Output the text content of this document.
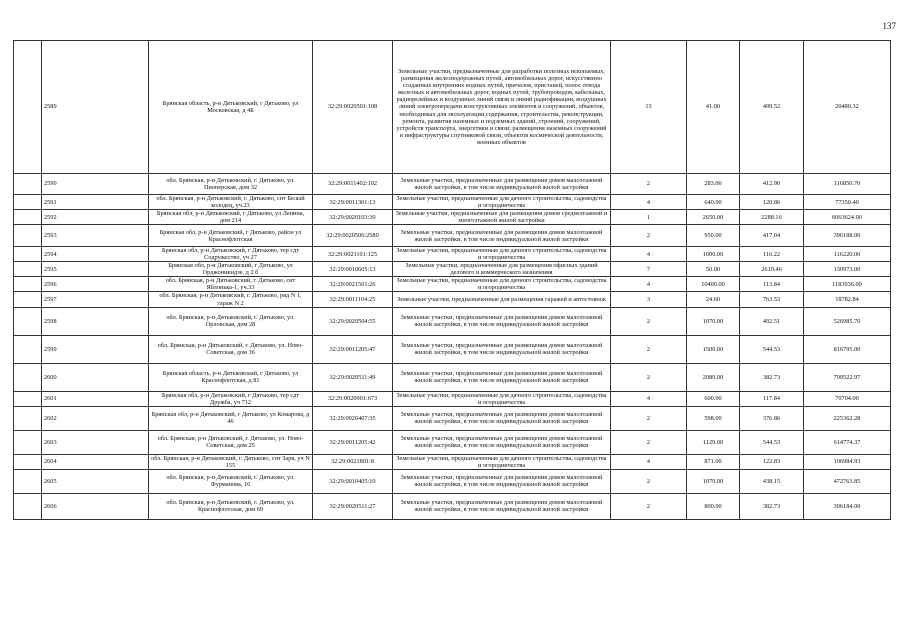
137
	2589	Брянская область, р-н Дятьковский, г Дятьково, ул Московская, д 4Б	32:29:0020501:108	Земельные участки, предназначенные для разработки полезных ископаемых, размещения железнодорожных путей, автомобильных дорог, искусственно созданных внутренних водных путей, причалов, пристаней, полос отвода железных и автомобильных дорог, водных путей, трубопроводов, кабельных, радиорелейных и воздушных линий связи и линий радиофикации, воздушных линий электропередачи конструктивных элементов и сооружений, объектов, необходимых для эксплуатации,содержания, строительства, реконструкции, ремонта, развития наземных и подземных зданий, строений, сооружений, устройств транспорта, энергетики и связи; размещения наземных сооружений и инфраструктуры спутниковой связи, объектов космической деятельности, военных объектов	13	41.00	499.52	20480.32
	2590	обл. Брянская, р-н Дятьковский, г. Дятьково, ул. Пионерская, дом 32	32:29:0011402:102	Земельные участки, предназначенные для размещения домов малоэтажной жилой застройки, в том числе индивидуальной жилой застройки	2	283.00	412.90	116850.70
	2591	обл. Брянская, р-н Дятьковский, г. Дятьково, снт Белый колодец, уч.23	32:29:0011301:13	Земельные участки, предназначенные для дачного строительства, садоводства и огородничества	4	640.00	120.86	77350.40
	2592	Брянская обл, р-н Дятьковский, г Дятьково, ул Ленина, дом 214	32:29:0020103:30	Земельные участки, предназначенные для размещения домов среднеэтажной и многоэтажной жилой застройки	1	2650.00	2288.16	6063624.00
	2593	Брянская обл, р-н Дятьковский, г Дятьково, район ул Краснофлотская	32:29:0020506:2580	Земельные участки, предназначенные для размещения домов малоэтажной жилой застройки, в том числе индивидуальной жилой застройки	2	950.00	417.04	396188.00
	2594	Брянская обл, р-н Дятьковский, г Дятьково, тер сдт Содружество, уч 27	32:29:0021101:125	Земельные участки, предназначенные для дачного строительства, садоводства и огородничества	4	1000.00	116.22	116220.00
	2595	Брянская обл, р-н Дятьковский, г Дятьково, ул Орджоникидзе, д 2 б	32:29:0010605:13	Земельные участки, предназначенные для размещения офисных зданий делового и коммерческого назначения	7	50.00	2619.46	130973.00
	2596	обл. Брянская, р-н Дятьковский, г. Дятьково, снт Яблонька-1, уч.33	32:29:0021501:26	Земельные участки, предназначенные для дачного строительства, садоводства и огородничества	4	10400.00	113.84	1183936.00
	2597	обл. Брянская, р-н Дятьковский, г. Дятьково, ряд N 1, гараж N 2	32:29:0011104:25	Земельные участки, предназначенные для размещения гаражей и автостоянок	3	24.60	763.53	18782.84
	2598	обл. Брянская, р-н Дятьковский, г. Дятьково, ул. Орловская, дом 28	32:29:0020504:55	Земельные участки, предназначенные для размещения домов малоэтажной жилой застройки, в том числе индивидуальной жилой застройки	2	1070.00	492.51	526985.70
	2599	обл. Брянская, р-н Дятьковский, г. Дятьково, ул. Ново-Советская, дом 36	32:29:0011205:47	Земельные участки, предназначенные для размещения домов малоэтажной жилой застройки, в том числе индивидуальной жилой застройки	2	1500.00	544.53	816795.00
	2600	Брянская область, р-н Дятьковский, г Дятьково, ул Краснофлотская, д 81	32:29:0020511:49	Земельные участки, предназначенные для размещения домов малоэтажной жилой застройки, в том числе индивидуальной жилой застройки	2	2089.00	382.73	799522.97
	2601	Брянская обл, р-н Дятьковский, г Дятьково, тер сдт Дружба, уч 712	32:29:0020901:673	Земельные участки, предназначенные для дачного строительства, садоводства и огородничества	4	600.00	117.84	70704.00
	2602	Брянская обл, р-н Дятьковский, г Дятьково, ул Комарова, д 46	32:29:0020407:35	Земельные участки, предназначенные для размещения домов малоэтажной жилой застройки, в том числе индивидуальной жилой застройки	2	598.00	376.86	225362.28
	2603	обл. Брянская, р-н Дятьковский, г. Дятьково, ул. Ново-Советская, дом 25	32:29:0011205:42	Земельные участки, предназначенные для размещения домов малоэтажной жилой застройки, в том числе индивидуальной жилой застройки	2	1129.00	544.53	614774.37
	2604	обл. Брянская, р-н Дятьковский, г. Дятьково, снт Заря, уч N 155	32:29:0021801:8	Земельные участки, предназначенные для дачного строительства, садоводства и огородничества	4	871.00	122.83	106984.93
	2605	обл. Брянская, р-н Дятьковский, г. Дятьково, ул. Фурманова, 16	32:29:0010405:10	Земельные участки, предназначенные для размещения домов малоэтажной жилой застройки, в том числе индивидуальной жилой застройки	2	1079.00	438.15	472763.85
	2606	обл. Брянская, р-н Дятьковский, г. Дятьково, ул. Краснофлотская, дом 69	32:29:0020511:27	Земельные участки, предназначенные для размещения домов малоэтажной жилой застройки, в том числе индивидуальной жилой застройки	2	800.00	382.73	306184.00
